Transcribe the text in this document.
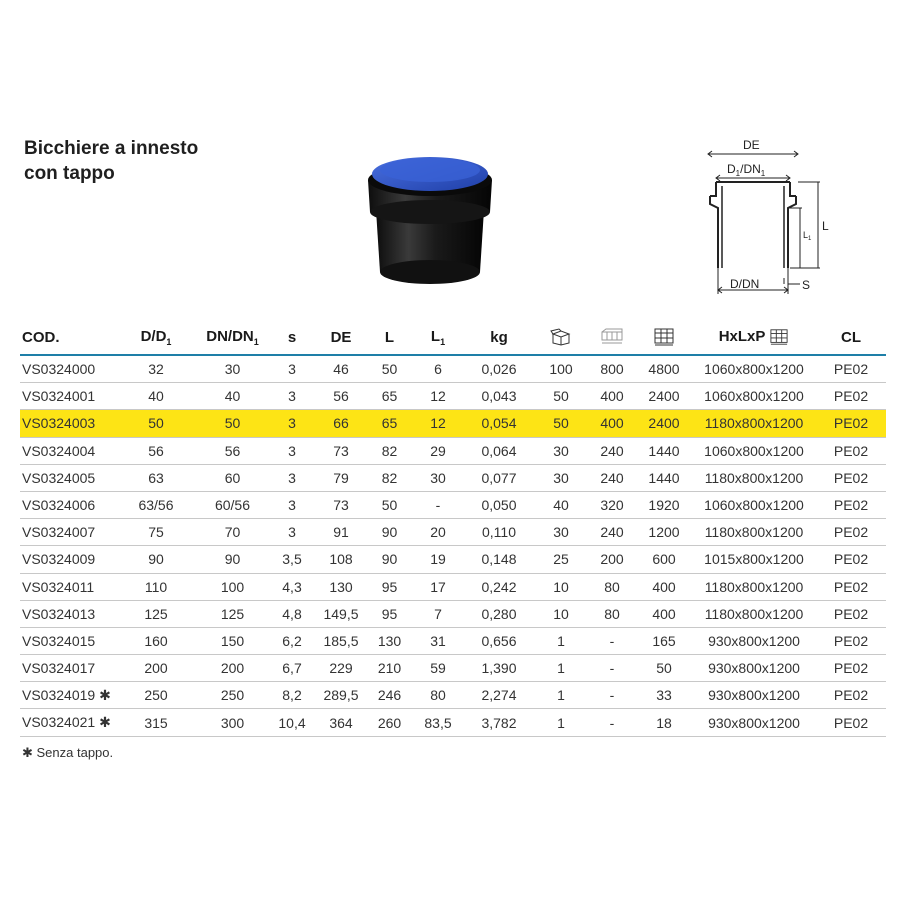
Bicchiere a innesto
con tappo
DE
$D_1/DN_1$
L
$L_1$
D/DN	S
COD.	$D/D_1$	$DN/DN_1$	s	DE	L	$L_1$	kg				HxLxP	CL
VS0324000	32	30	3	46	50	6	0,026	100	800	4800	1060x800x1200	PE02
VS0324001	40	40	3	56	65	12	0,043	50	400	2400	1060x800x1200	PE02
VS0324003	50	50	3	66	65	12	0,054	50	400	2400	1180x800x1200	PE02
VS0324004	56	56	3	73	82	29	0,064	30	240	1440	1060x800x1200	PE02
VS0324005	63	60	3	79	82	30	0,077	30	240	1440	1180x800x1200	PE02
VS0324006	63/56	60/56	3	73	50	-	0,050	40	320	1920	1060x800x1200	PE02
VS0324007	75	70	3	91	90	20	0,110	30	240	1200	1180x800x1200	PE02
VS0324009	90	90	3,5	108	90	19	0,148	25	200	600	1015x800x1200	PE02
VS0324011	110	100	4,3	130	95	17	0,242	10	80	400	1180x800x1200	PE02
VS0324013	125	125	4,8	149,5	95	7	0,280	10	80	400	1180x800x1200	PE02
VS0324015	160	150	6,2	185,5	130	31	0,656	1	-	165	930x800x1200	PE02
VS0324017	200	200	6,7	229	210	59	1,390	1	-	50	930x800x1200	PE02
VS0324019 ✱	250	250	8,2	289,5	246	80	2,274	1	-	33	930x800x1200	PE02
VS0324021 ✱	315	300	10,4	364	260	83,5	3,782	1	-	18	930x800x1200	PE02
✱ Senza tappo.
